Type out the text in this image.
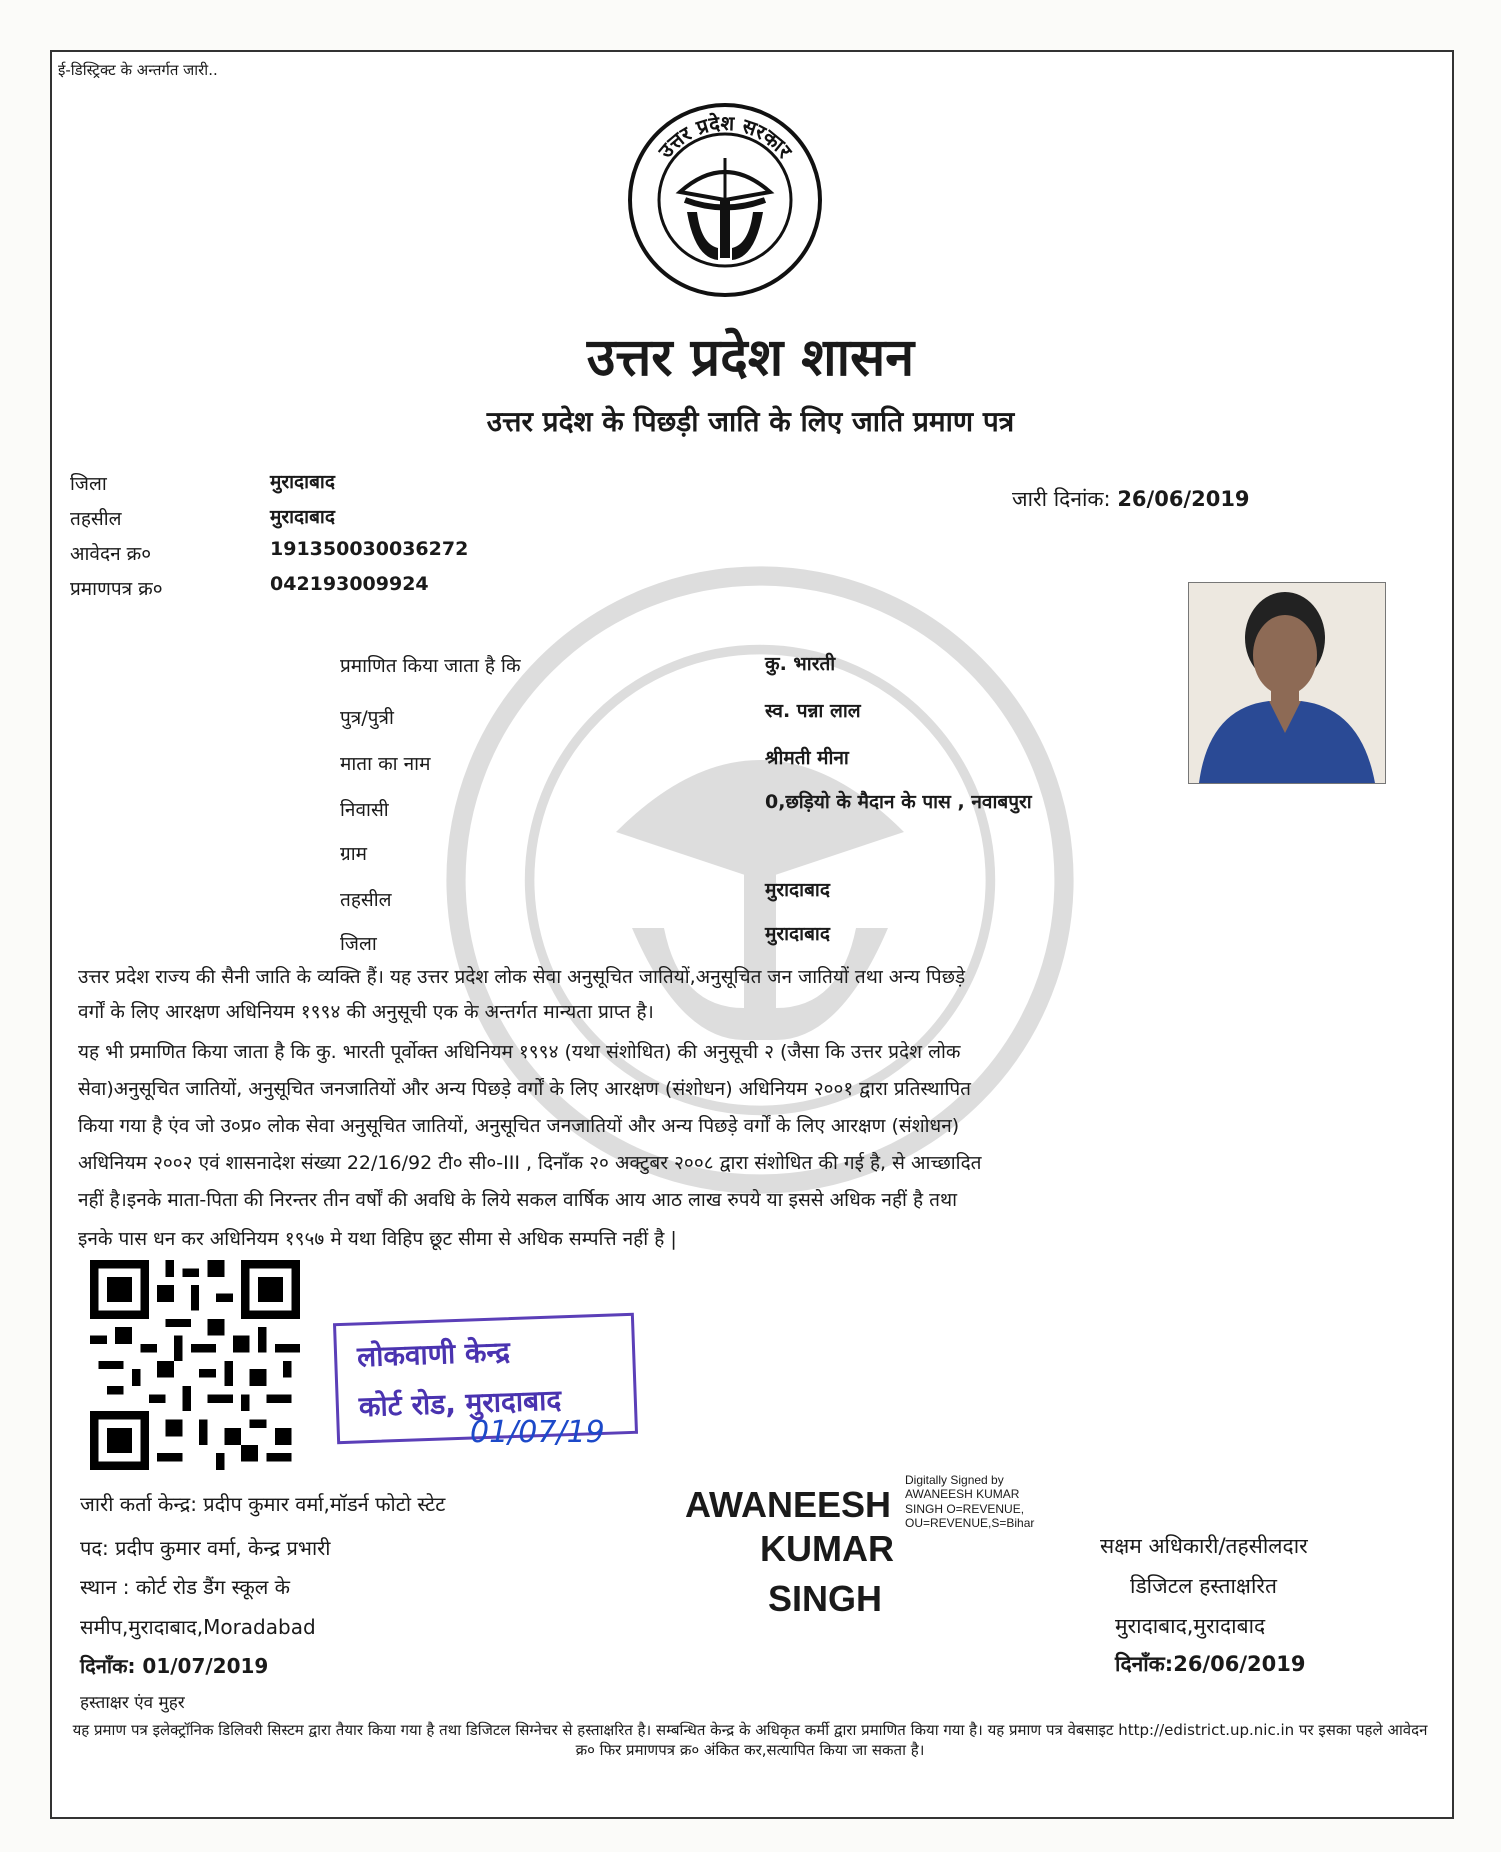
ई-डिस्ट्रिक्ट के अन्तर्गत जारी..
उत्तर प्रदेश सरकार
उत्तर प्रदेश शासन
उत्तर प्रदेश के पिछड़ी जाति के लिए जाति प्रमाण पत्र
जिला	मुरादाबाद
तहसील	मुरादाबाद
आवेदन क्र०	191350030036272
प्रमाणपत्र क्र०	042193009924
जारी दिनांक: 26/06/2019
प्रमाणित किया जाता है कि	कु. भारती
पुत्र/पुत्री	स्व. पन्ना लाल
माता का नाम	श्रीमती मीना
निवासी	0,छड़ियो के मैदान के पास , नवाबपुरा
ग्राम
तहसील	मुरादाबाद
जिला	मुरादाबाद
उत्तर प्रदेश राज्य की सैनी जाति के व्यक्ति हैं। यह उत्तर प्रदेश लोक सेवा अनुसूचित जातियों,अनुसूचित जन जातियों तथा अन्य पिछड़े
वर्गों के लिए आरक्षण अधिनियम १९९४ की अनुसूची एक के अन्तर्गत मान्यता प्राप्त है।
यह भी प्रमाणित किया जाता है कि कु. भारती पूर्वोक्त अधिनियम १९९४ (यथा संशोधित) की अनुसूची २ (जैसा कि उत्तर प्रदेश लोक
सेवा)अनुसूचित जातियों, अनुसूचित जनजातियों और अन्य पिछड़े वर्गों के लिए आरक्षण (संशोधन) अधिनियम २००१ द्वारा प्रतिस्थापित
किया गया है एंव जो उ०प्र० लोक सेवा अनुसूचित जातियों, अनुसूचित जनजातियों और अन्य पिछड़े वर्गों के लिए आरक्षण (संशोधन)
अधिनियम २००२ एवं शासनादेश संख्या 22/16/92 टी० सी०-III , दिनाँक २० अक्टुबर २००८ द्वारा संशोधित की गई है, से आच्छादित
नहीं है।इनके माता-पिता की निरन्तर तीन वर्षों की अवधि के लिये सकल वार्षिक आय आठ लाख रुपये या इससे अधिक नहीं है तथा
इनके पास धन कर अधिनियम १९५७ मे यथा विहिप छूट सीमा से अधिक सम्पत्ति नहीं है |
लोकवाणी केन्द्र
कोर्ट रोड, मुरादाबाद
01/07/19
जारी कर्ता केन्द्र: प्रदीप कुमार वर्मा,मॉडर्न फोटो स्टेट
पद: प्रदीप कुमार वर्मा, केन्द्र प्रभारी
स्थान : कोर्ट रोड डैंग स्कूल के
समीप,मुरादाबाद,Moradabad
दिनाँक: 01/07/2019
हस्ताक्षर एंव मुहर
AWANEESH
KUMAR
SINGH
Digitally Signed by
AWANEESH KUMAR
SINGH O=REVENUE,
OU=REVENUE,S=Bihar
सक्षम अधिकारी/तहसीलदार
डिजिटल हस्ताक्षरित
मुरादाबाद,मुरादाबाद
दिनाँक:26/06/2019
यह प्रमाण पत्र इलेक्ट्रॉनिक डिलिवरी सिस्टम द्वारा तैयार किया गया है तथा डिजिटल सिग्नेचर से हस्ताक्षरित है। सम्बन्धित केन्द्र के अधिकृत कर्मी द्वारा प्रमाणित किया गया है। यह प्रमाण पत्र वेबसाइट http://edistrict.up.nic.in पर इसका पहले आवेदन क्र० फिर प्रमाणपत्र क्र० अंकित कर,सत्यापित किया जा सकता है।
